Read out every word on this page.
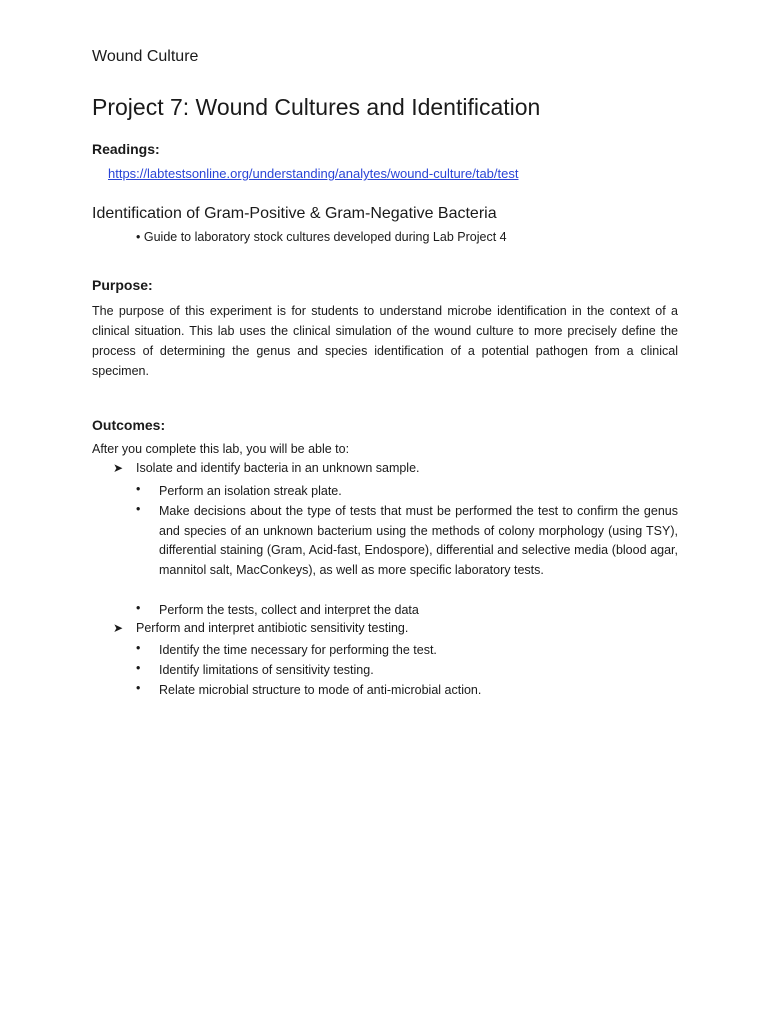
Wound Culture
Project 7: Wound Cultures and Identification
Readings:
https://labtestsonline.org/understanding/analytes/wound-culture/tab/test
Identification of Gram-Positive & Gram-Negative Bacteria
• Guide to laboratory stock cultures developed during Lab Project 4
Purpose:

The purpose of this experiment is for students to understand microbe identification in the context of a clinical situation. This lab uses the clinical simulation of the wound culture to more precisely define the process of determining the genus and species identification of a potential pathogen from a clinical specimen.

Outcomes:
After you complete this lab, you will be able to:
➤ Isolate and identify bacteria in an unknown sample.
• Perform an isolation streak plate.
• Make decisions about the type of tests that must be performed the test to confirm the genus and species of an unknown bacterium using the methods of colony morphology (using TSY), differential staining (Gram, Acid-fast, Endospore), differential and selective media (blood agar, mannitol salt, MacConkeys), as well as more specific laboratory tests.
• Perform the tests, collect and interpret the data
➤ Perform and interpret antibiotic sensitivity testing.
• Identify the time necessary for performing the test.
• Identify limitations of sensitivity testing.
• Relate microbial structure to mode of anti-microbial action.
